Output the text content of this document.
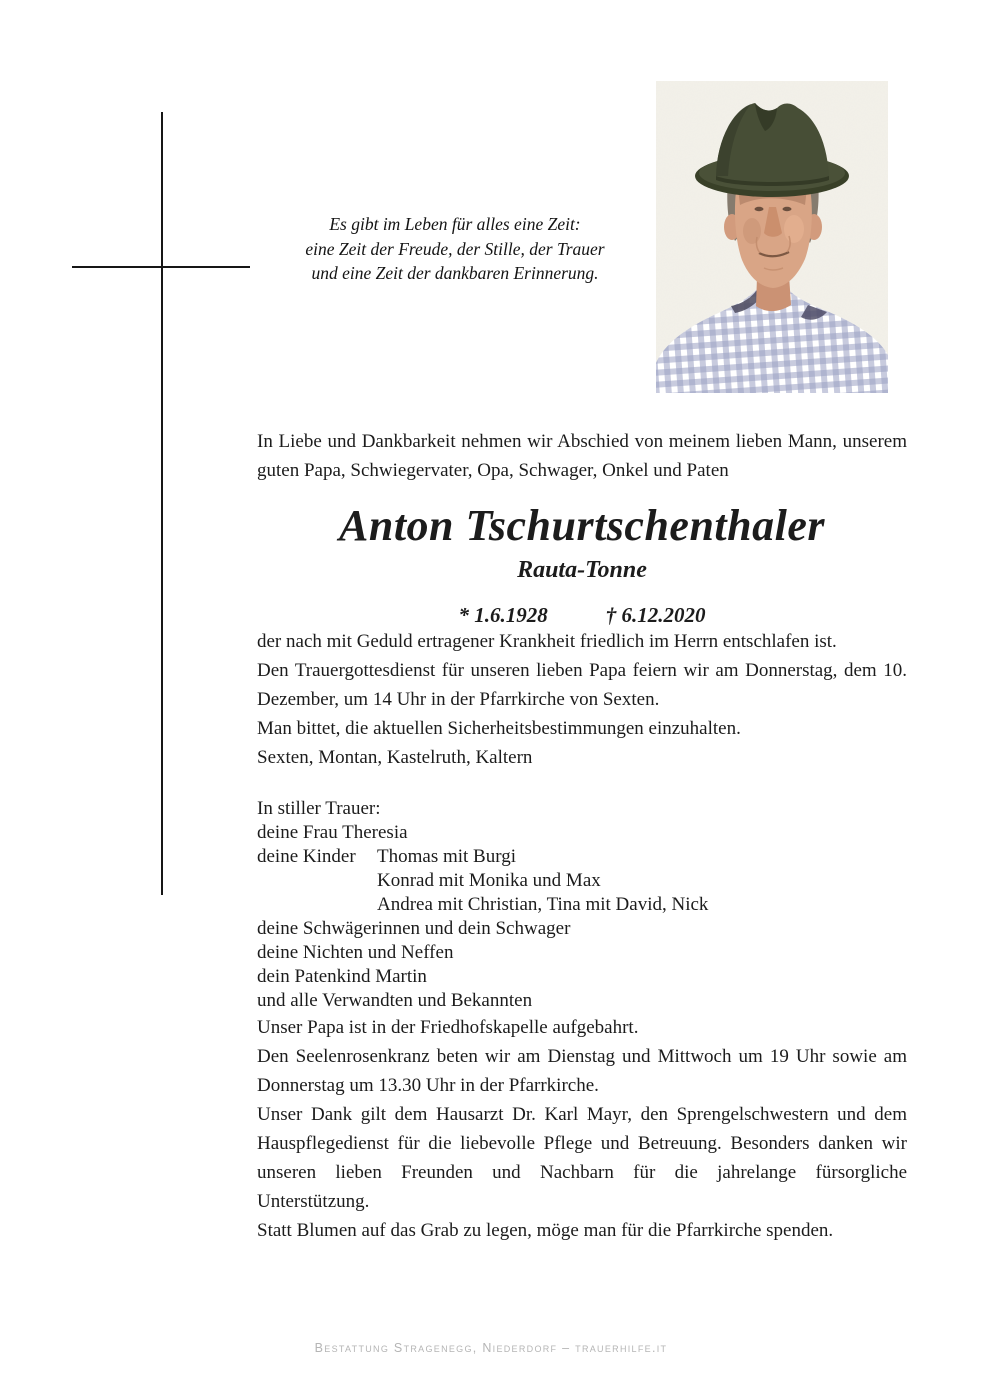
Es gibt im Leben für alles eine Zeit:
eine Zeit der Freude, der Stille, der Trauer
und eine Zeit der dankbaren Erinnerung.

In Liebe und Dankbarkeit nehmen wir Abschied von meinem lieben Mann, unserem guten Papa, Schwiegervater, Opa, Schwager, Onkel und Paten

Anton Tschurtschenthaler
Rauta-Tonne
* 1.6.1928	† 6.12.2020

der nach mit Geduld ertragener Krankheit friedlich im Herrn entschlafen ist.

Den Trauergottesdienst für unseren lieben Papa feiern wir am Donnerstag, dem 10. Dezember, um 14 Uhr in der Pfarrkirche von Sexten.

Man bittet, die aktuellen Sicherheitsbestimmungen einzuhalten.

Sexten, Montan, Kastelruth, Kaltern

In stiller Trauer:
deine Frau Theresia
deine Kinder	Thomas mit Burgi
Konrad mit Monika und Max
Andrea mit Christian, Tina mit David, Nick
deine Schwägerinnen und dein Schwager
deine Nichten und Neffen
dein Patenkind Martin
und alle Verwandten und Bekannten

Unser Papa ist in der Friedhofskapelle aufgebahrt.

Den Seelenrosenkranz beten wir am Dienstag und Mittwoch um 19 Uhr sowie am Donnerstag um 13.30 Uhr in der Pfarrkirche.

Unser Dank gilt dem Hausarzt Dr. Karl Mayr, den Sprengelschwestern und dem Hauspflegedienst für die liebevolle Pflege und Betreuung. Besonders danken wir unseren lieben Freunden und Nachbarn für die jahrelange fürsorgliche Unterstützung.

Statt Blumen auf das Grab zu legen, möge man für die Pfarrkirche spenden.

Bestattung Stragenegg, Niederdorf – trauerhilfe.it
